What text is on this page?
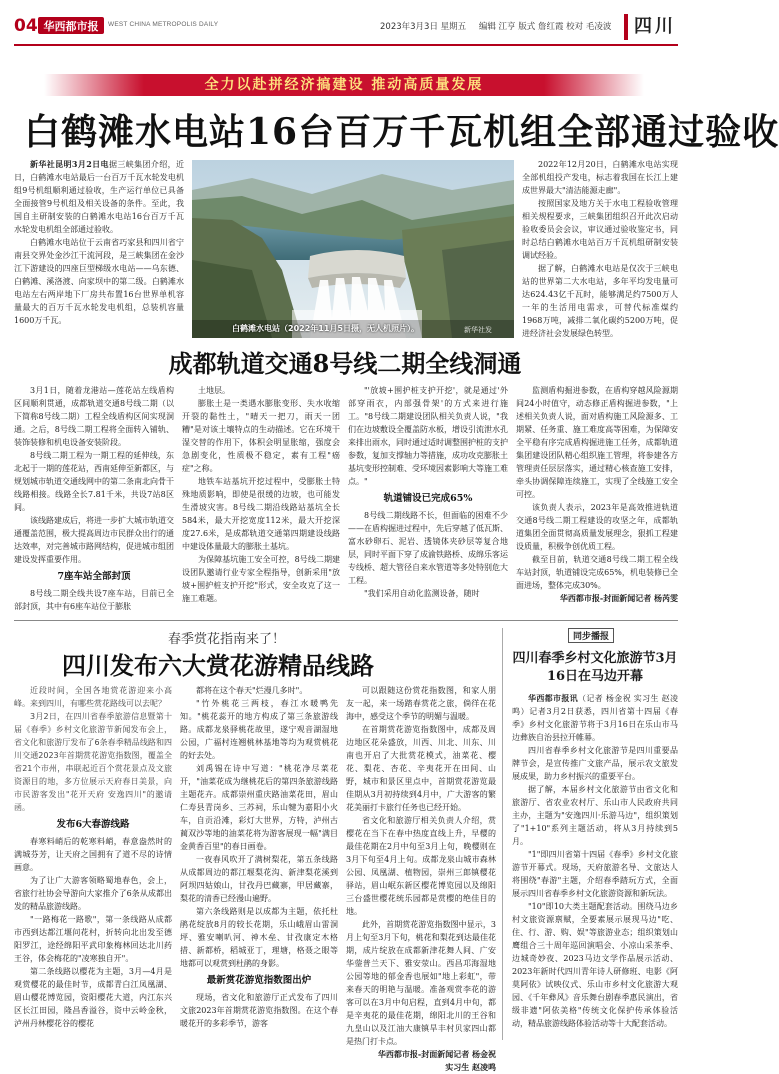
04 华西都市报 WEST CHINA METROPOLIS DAILY	2023年3月3日 星期五 编辑 江亨 版式 詹红霞 校对 毛凌波	四川
全力以赴拼经济搞建设 推动高质量发展
白鹤滩水电站16台百万千瓦机组全部通过验收

新华社昆明3月2日电据三峡集团介绍，近日，白鹤滩水电站最后一台百万千瓦水轮发电机组9号机组顺利通过验收，生产运行单位已具备全面接管9号机组及相关设备的条件。至此，我国自主研制安装的白鹤滩水电站16台百万千瓦水轮发电机组全部通过验收。

白鹤滩水电站位于云南省巧家县和四川省宁南县交界处金沙江干流河段，是三峡集团在金沙江下游建设的四座巨型梯级水电站——乌东德、白鹤滩、溪洛渡、向家坝中的第二级。白鹤滩水电站左右两岸地下厂房共布置16台世界单机容量最大的百万千瓦水轮发电机组，总装机容量1600万千瓦。

白鹤滩水电站（2022年11月5日摄，无人机照片）。	新华社发

2022年12月20日，白鹤滩水电站实现全部机组投产发电，标志着我国在长江上建成世界最大"清洁能源走廊"。

按照国家及地方关于水电工程验收管理相关规程要求，三峡集团组织召开此次启动验收委员会会议，审议通过验收鉴定书，同时总结白鹤滩水电站百万千瓦机组研制安装调试经验。

据了解，白鹤滩水电站是仅次于三峡电站的世界第二大水电站，多年平均发电量可达624.43亿千瓦时，能够满足约7500万人一年的生活用电需求，可替代标准煤约1968万吨，减排二氧化碳约5200万吨，促进经济社会发展绿色转型。

成都轨道交通8号线二期全线洞通

3月1日，随着龙港站—莲花站左线盾构区间顺利贯通，成都轨道交通8号线二期（以下简称8号线二期）工程全线盾构区间实现洞通。之后，8号线二期工程将全面转入铺轨、装饰装修和机电设备安装阶段。

8号线二期工程为一期工程的延伸线，东北起于一期的莲花站，西南延伸至新都区，与规划城市轨道交通线网中的第二条南北向骨干线路相接。线路全长7.81千米，共设7站8区间。

该线路建成后，将进一步扩大城市轨道交通覆盖范围，极大提高周边市民群众出行的通达效率，对完善城市路网结构，促进城市组团建设发挥重要作用。

7座车站全部封顶

8号线二期全线共设7座车站，目前已全部封顶，其中有6座车站位于膨胀

土地层。

膨胀土是一类遇水膨胀变形、失水收缩开裂的黏性土，"晴天一把刀，雨天一团糟"是对该土壤特点的生动描述。它在环境干湿交替的作用下，体积会明显胀缩，强度会急剧变化，性质极不稳定，素有工程"癌症"之称。

地铁车站基坑开挖过程中，受膨胀土特殊地质影响，即使是很缓的边坡，也可能发生滑坡灾害。8号线二期沿线路站基坑全长584米，最大开挖宽度112米，最大开挖深度27.6米，是成都轨道交通第四期建设线路中建设体量最大的膨胀土基坑。

为保障基坑施工安全可控，8号线二期建设团队邀请行业专家全程指导，创新采用"放坡+围护桩支护开挖"形式，安全攻克了这一施工难题。

"'放坡+围护桩支护开挖'，就是通过'外部穿雨衣，内部强骨架'的方式来进行施工。"8号线二期建设团队相关负责人说，"我们在边坡敷设全覆盖防水板，增设引流泄水孔来排出雨水，同时通过适时调整围护桩的支护参数，复加支撑轴力等措施，成功攻克膨胀土基坑变形控制难、受环境因素影响大等施工难点。"

轨道铺设已完成65%

8号线二期线路不长，但面临的困难不少——在盾构掘进过程中，先后穿越了低瓦斯、富水砂卵石、泥岩、透镜体夹砂层等复合地层，同时平面下穿了成渝铁路桥、成绵乐客运专线桥、超大管径自来水管道等多处特别危大工程。

"我们采用自动化监测设备，随时

监测盾构掘进参数，在盾构穿越风险源期间24小时值守，动态修正盾构掘进参数，"上述相关负责人说，面对盾构施工风险源多、工期紧、任务重、施工难度高等困难，为保障安全平稳有序完成盾构掘进施工任务，成都轨道集团建设团队精心组织施工管理，将参建各方管理责任层层落实，通过精心核查施工安排，牵头协调保障连续施工，实现了全线施工安全可控。

该负责人表示，2023年是高效推进轨道交通8号线二期工程建设的攻坚之年，成都轨道集团全面贯彻高质量发展理念，狠抓工程建设质量，积极争创优质工程。

截至目前，轨道交通8号线二期工程全线车站封顶，轨道铺设完成65%，机电装修已全面进场，整体完成30%。

华西都市报-封面新闻记者 杨芮雯

春季赏花指南来了！
四川发布六大赏花游精品线路

近段时间，全国各地赏花游迎来小高峰。来到四川，有哪些赏花路线可以去呢？

3月2日，在四川省春季旅游信息暨第十届《春季》乡村文化旅游节新闻发布会上，省文化和旅游厅发布了6条春季精品线路和四川交通2023年首期赏花游览指数图，覆盖全省21个市州，串联起近百个赏花景点及文旅资源目的地，多方位展示天府春日美景，向市民游客发出"花开天府 安逸四川"的邀请函。

发布6大春游线路

春寒料峭后的乾寒料峭，春意盎然时的满城芬芳，让天府之国拥有了道不尽的诗情画意。

为了让广大游客领略蜀地春色，会上，省旅行社协会导游向大家推介了6条从成都出发的精品旅游线路。

"一路梅花一路歌"，第一条线路从成都市西到达都江堰问花村，折转向北出发至德阳罗江，途经绵阳平武印象梅林回达北川药王谷，体会梅花的"凌寒独自开"。

第二条线路以樱花为主题，3月—4月是观赏樱花的最佳时节，成都青白江凤凰湖、眉山樱花博览园，资阳樱花大道，内江东兴区长江田园，隆昌香溢谷，资中云岭金秋，泸州丹林樱花谷的樱花

都将在这个春天"烂漫几多时"。

"竹外桃花三两枝，春江水暖鸭先知。"桃花蕊开的地方构成了第三条旅游线路。成都龙泉驿桃花故里，遂宁观音湖湿地公园，广福村连翘桃林基地等均为观赏桃花的好去处。

刘禹锡在诗中写道："桃花净尽菜花开，"油菜花成为继桃花后的第四条旅游线路主题花卉。成都崇州重庆路油菜花田，眉山仁寿县青岗乡、三苏祠，乐山犍为嘉阳小火车，自贡沿滩，彩灯大世界，方特，泸州古蔺双沙等地的油菜花将为游客展现一幅"满目金黄香百里"的春日画卷。

一夜春风吹开了满树梨花，第五条线路从成都周边的都江堰梨花沟、新津梨花溪到阿坝四姑娘山，甘孜丹巴藏寨，甲居藏寨，梨花的清香已经漫山遍野。

第六条线路则是以成都为主题，依托杜鹃花绽放8月的较长花期，乐山峨眉山雷洞坪、雅安喇叭河、神木垒、甘孜康定木格措、新都桥，稻城亚丁，理塘，格聂之眼等地都可以观赏到杜鹃的身影。

最新赏花游览指数图出炉

现场，省文化和旅游厅正式发布了四川文旅2023年首期赏花游览指数图。在这个春暖花开的多彩季节，游客

可以跟随这份赏花指数图，和家人朋友一起，来一场踏春赏花之旅，倘徉在花海中，感受这个季节的明媚与温暖。

在首期赏花游览指数图中，成都及周边地区花朵盛放，川西、川北、川东、川南也开启了大批赏花模式，油菜花、樱花、梨花、杏花、辛夷花开在田间、山野，城市和景区里点中，首期赏花游览最佳期从3月初持续到4月中，广大游客的繁花美丽打卡旅行任务也已经开始。

省文化和旅游厅相关负责人介绍，赏樱花在当下在春中热度直线上升，早樱的最佳花期在2月中旬至3月上旬，晚樱则在3月下旬至4月上旬。成都龙泉山城市森林公园、凤凰湖、植物园，崇州三郎镇樱花驿站，眉山岷东新区樱花博览园以及绵阳三台盛世樱花统乐园都是赏樱的绝佳目的地。

此外，首期赏花游览指数图中显示，3月上旬至3月下旬，桃花和梨花到达最佳花期，成片绽放在成都新津花舞人间、广安华蓥普兰天下、雅安荥山。西昌邛海湿地公园等地的郁金香也展如"地上彩虹"，带来春天的明艳与温暖。准备观赏李花的游客可以在3月中旬启程，直到4月中旬，都是辛夷花的最佳花期，绵阳北川的王谷和九皇山以及江油大康镇旱丰村贝家四山都是热门打卡点。

华西都市报-封面新闻记者 杨金祝

实习生 赵凌鸣

同步播报
四川春季乡村文化旅游节3月16日在马边开幕

华西都市报讯（记者 杨金祝 实习生 赵凌鸣）记者3月2日获悉，四川省第十四届《春季》乡村文化旅游节将于3月16日在乐山市马边彝族自治县拉开帷幕。

四川省春季乡村文化旅游节是四川重要品牌节会，是宣传推广文旅产品，展示农文旅发展成果，助力乡村振兴的重要平台。

据了解，本届乡村文化旅游节由省文化和旅游厅、省农业农村厅、乐山市人民政府共同主办，主题为"安逸四川·乐游马边"，组织策划了"1+10"系列主题活动，将从3月持续到5月。

"1"即四川省第十四届《春季》乡村文化旅游节开幕式。现场，天府旅游名导、文旅达人将围绕"春游"主题，介绍春季踏玩方式，全面展示四川省春季乡村文化旅游资源和新玩法。

"10"即10大类主题配套活动。围绕马边乡村文旅资源禀赋，全要素展示展现马边"吃、住、行、游、购、娱"等旅游业态；组织策划山鹰组合三十周年巡回演唱会、小凉山采茶季、边城奇妙夜、2023马边文学作品展示活动、2023年新时代四川青年诗人研修班、电影《阿莫阿依》试映仪式、乐山市乡村文化旅游大观园、《千年彝风》音乐舞台剧春季惠民演出，省级非遗"阿依美格"传统文化保护传承体验活动，精品旅游线路体验活动等十大配套活动。
